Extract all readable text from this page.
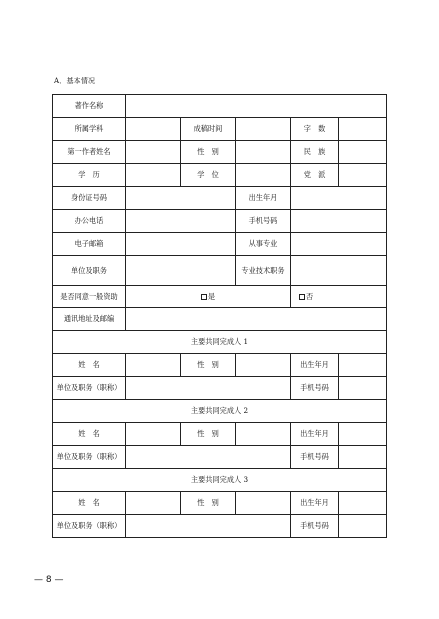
A．基本情况
著作名称					
所属学科		成稿时间		字　数	
第一作者姓名		性　别		民　族	
学　历		学　位		党　派	
身份证号码			出生年月		
办公电话			手机号码		
电子邮箱			从事专业		
单位及职务			专业技术职务		
是否同意一般资助	是			否	
通讯地址及邮编					
主要共同完成人 1					
姓　名		性　别		出生年月	
单位及职务（职称）				手机号码	
主要共同完成人 2					
姓　名		性　别		出生年月	
单位及职务（职称）				手机号码	
主要共同完成人 3					
姓　名		性　别		出生年月	
单位及职务（职称）				手机号码	
— 8 —
